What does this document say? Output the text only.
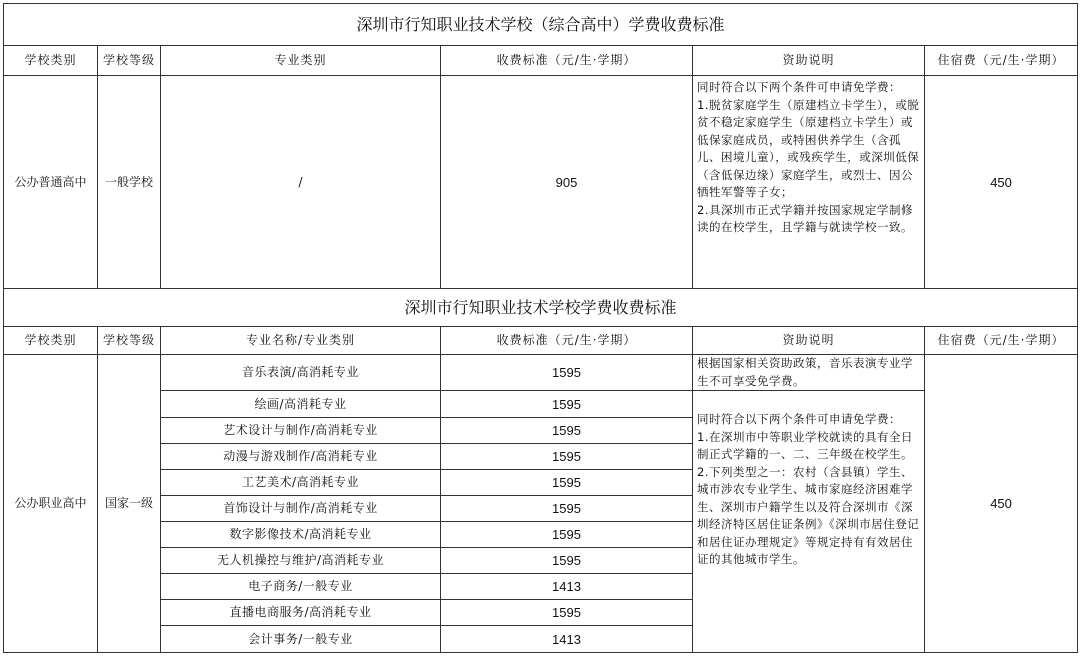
深圳市行知职业技术学校（综合高中）学费收费标准					
学校类别	学校等级	专业类别	收费标准（元/生·学期）	资助说明	住宿费（元/生·学期）
公办普通高中	一般学校	/	905	同时符合以下两个条件可申请免学费：
1.脱贫家庭学生（原建档立卡学生），或脱贫不稳定家庭学生（原建档立卡学生）或低保家庭成员，或特困供养学生（含孤儿、困境儿童），或残疾学生，或深圳低保（含低保边缘）家庭学生，或烈士、因公牺牲军警等子女；
2.具深圳市正式学籍并按国家规定学制修读的在校学生，且学籍与就读学校一致。	450
深圳市行知职业技术学校学费收费标准					
学校类别	学校等级	专业名称/专业类别	收费标准（元/生·学期）	资助说明	住宿费（元/生·学期）
公办职业高中	国家一级	音乐表演/高消耗专业	1595	根据国家相关资助政策，音乐表演专业学生不可享受免学费。	450
		绘画/高消耗专业	1595	同时符合以下两个条件可申请免学费：
1.在深圳市中等职业学校就读的具有全日制正式学籍的一、二、三年级在校学生。
2.下列类型之一：农村（含县镇）学生、城市涉农专业学生、城市家庭经济困难学生、深圳市户籍学生以及符合深圳市《深圳经济特区居住证条例》《深圳市居住登记和居住证办理规定》等规定持有有效居住证的其他城市学生。	

		艺术设计与制作/高消耗专业	1595		
		动漫与游戏制作/高消耗专业	1595		
		工艺美术/高消耗专业	1595		
		首饰设计与制作/高消耗专业	1595		
		数字影像技术/高消耗专业	1595		
		无人机操控与维护/高消耗专业	1595		
		电子商务/一般专业	1413		
		直播电商服务/高消耗专业	1595		
		会计事务/一般专业	1413		
